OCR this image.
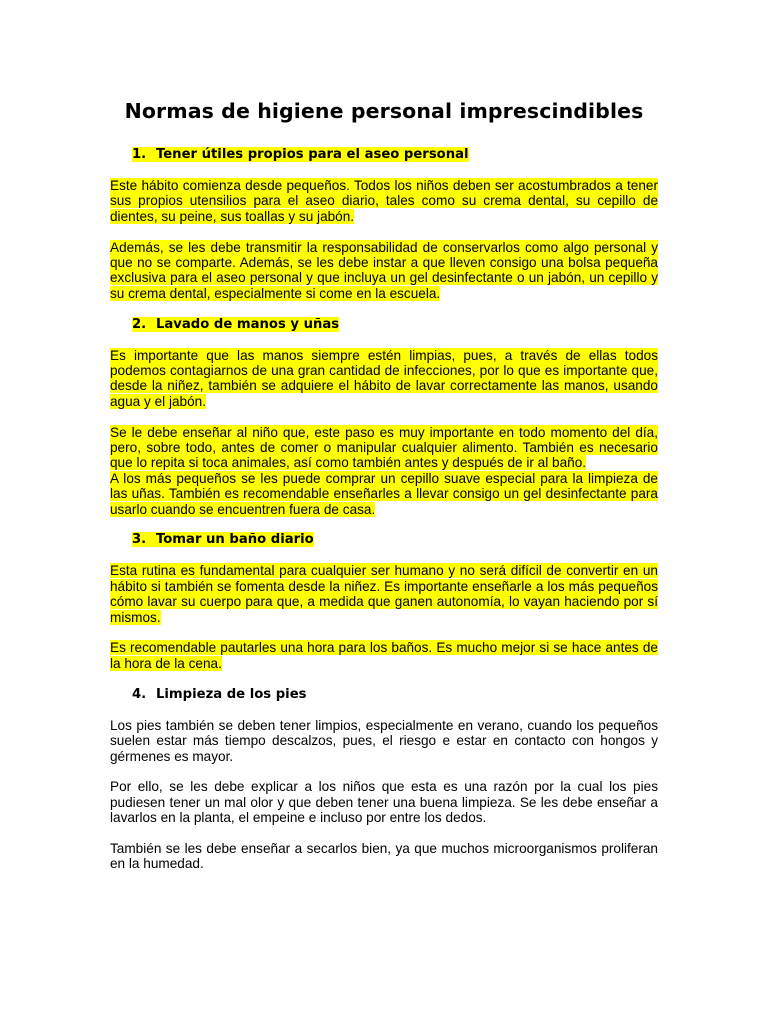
Normas de higiene personal imprescindibles
1. Tener útiles propios para el aseo personal

Este hábito comienza desde pequeños. Todos los niños deben ser acostumbrados a tener sus propios utensilios para el aseo diario, tales como su crema dental, su cepillo de dientes, su peine, sus toallas y su jabón.

Además, se les debe transmitir la responsabilidad de conservarlos como algo personal y que no se comparte. Además, se les debe instar a que lleven consigo una bolsa pequeña exclusiva para el aseo personal y que incluya un gel desinfectante o un jabón, un cepillo y su crema dental, especialmente si come en la escuela.

2. Lavado de manos y uñas

Es importante que las manos siempre estén limpias, pues, a través de ellas todos podemos contagiarnos de una gran cantidad de infecciones, por lo que es importante que, desde la niñez, también se adquiere el hábito de lavar correctamente las manos, usando agua y el jabón.

Se le debe enseñar al niño que, este paso es muy importante en todo momento del día, pero, sobre todo, antes de comer o manipular cualquier alimento. También es necesario que lo repita si toca animales, así como también antes y después de ir al baño.

A los más pequeños se les puede comprar un cepillo suave especial para la limpieza de las uñas. También es recomendable enseñarles a llevar consigo un gel desinfectante para usarlo cuando se encuentren fuera de casa.

3. Tomar un baño diario

Esta rutina es fundamental para cualquier ser humano y no será difícil de convertir en un hábito si también se fomenta desde la niñez. Es importante enseñarle a los más pequeños cómo lavar su cuerpo para que, a medida que ganen autonomía, lo vayan haciendo por sí mismos.

Es recomendable pautarles una hora para los baños. Es mucho mejor si se hace antes de la hora de la cena.

4. Limpieza de los pies

Los pies también se deben tener limpios, especialmente en verano, cuando los pequeños suelen estar más tiempo descalzos, pues, el riesgo e estar en contacto con hongos y gérmenes es mayor.

Por ello, se les debe explicar a los niños que esta es una razón por la cual los pies pudiesen tener un mal olor y que deben tener una buena limpieza. Se les debe enseñar a lavarlos en la planta, el empeine e incluso por entre los dedos.

También se les debe enseñar a secarlos bien, ya que muchos microorganismos proliferan en la humedad.
